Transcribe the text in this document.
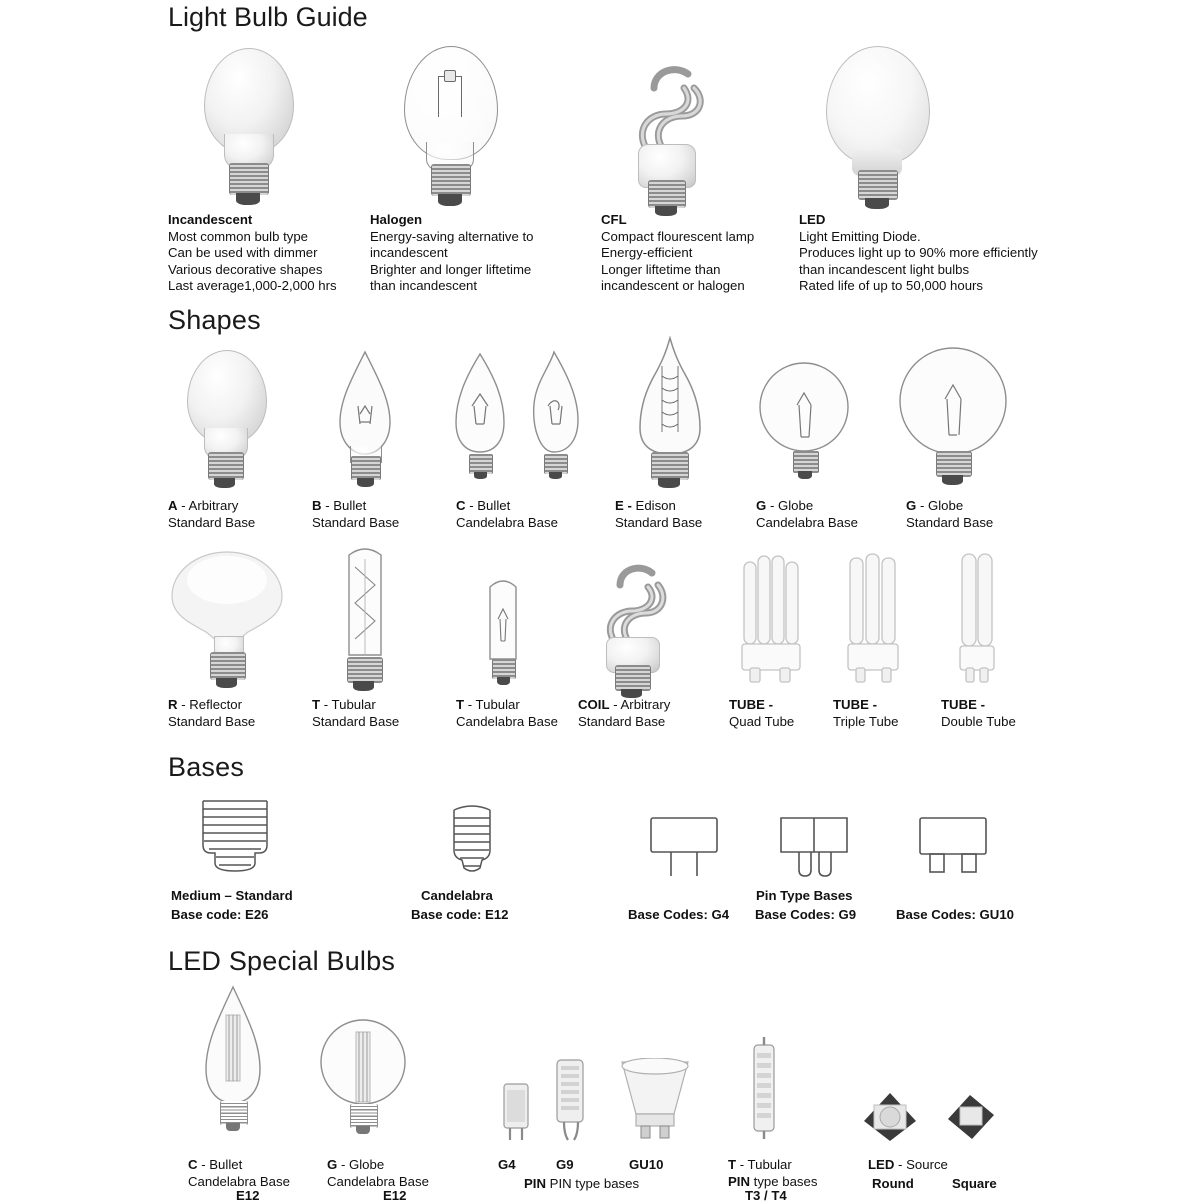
Light Bulb Guide
Incandescent
Most common bulb type
Can be used with dimmer
Various decorative shapes
Last average1,000-2,000 hrs
Halogen
Energy-saving alternative to
incandescent
Brighter and longer liftetime
than incandescent
CFL
Compact flourescent lamp
Energy-efficient
Longer liftetime than
incandescent or halogen
LED
Light Emitting Diode.
Produces light up to 90% more efficiently
than incandescent light bulbs
Rated life of up to 50,000 hours
Shapes
A - Arbitrary
Standard Base
B - Bullet
Standard Base
C - Bullet
Candelabra Base
E - Edison
Standard Base
G - Globe
Candelabra Base
G - Globe
Standard Base
R - Reflector
Standard Base
T - Tubular
Standard Base
T - Tubular
Candelabra Base
COIL - Arbitrary
Standard Base
TUBE -
Quad Tube
TUBE -
Triple Tube
TUBE -
Double Tube
Bases
Medium – Standard
Base code: E26
Candelabra
Base code: E12
Pin Type Bases
Base Codes: G4 Base Codes: G9	Base Codes: GU10
LED Special Bulbs
C - Bullet
Candelabra Base
E12
G - Globe
Candelabra Base
E12
G4	G9	GU10
PIN PIN type bases
T - Tubular
PIN type bases
T3 / T4
LED - Source
Round	Square
